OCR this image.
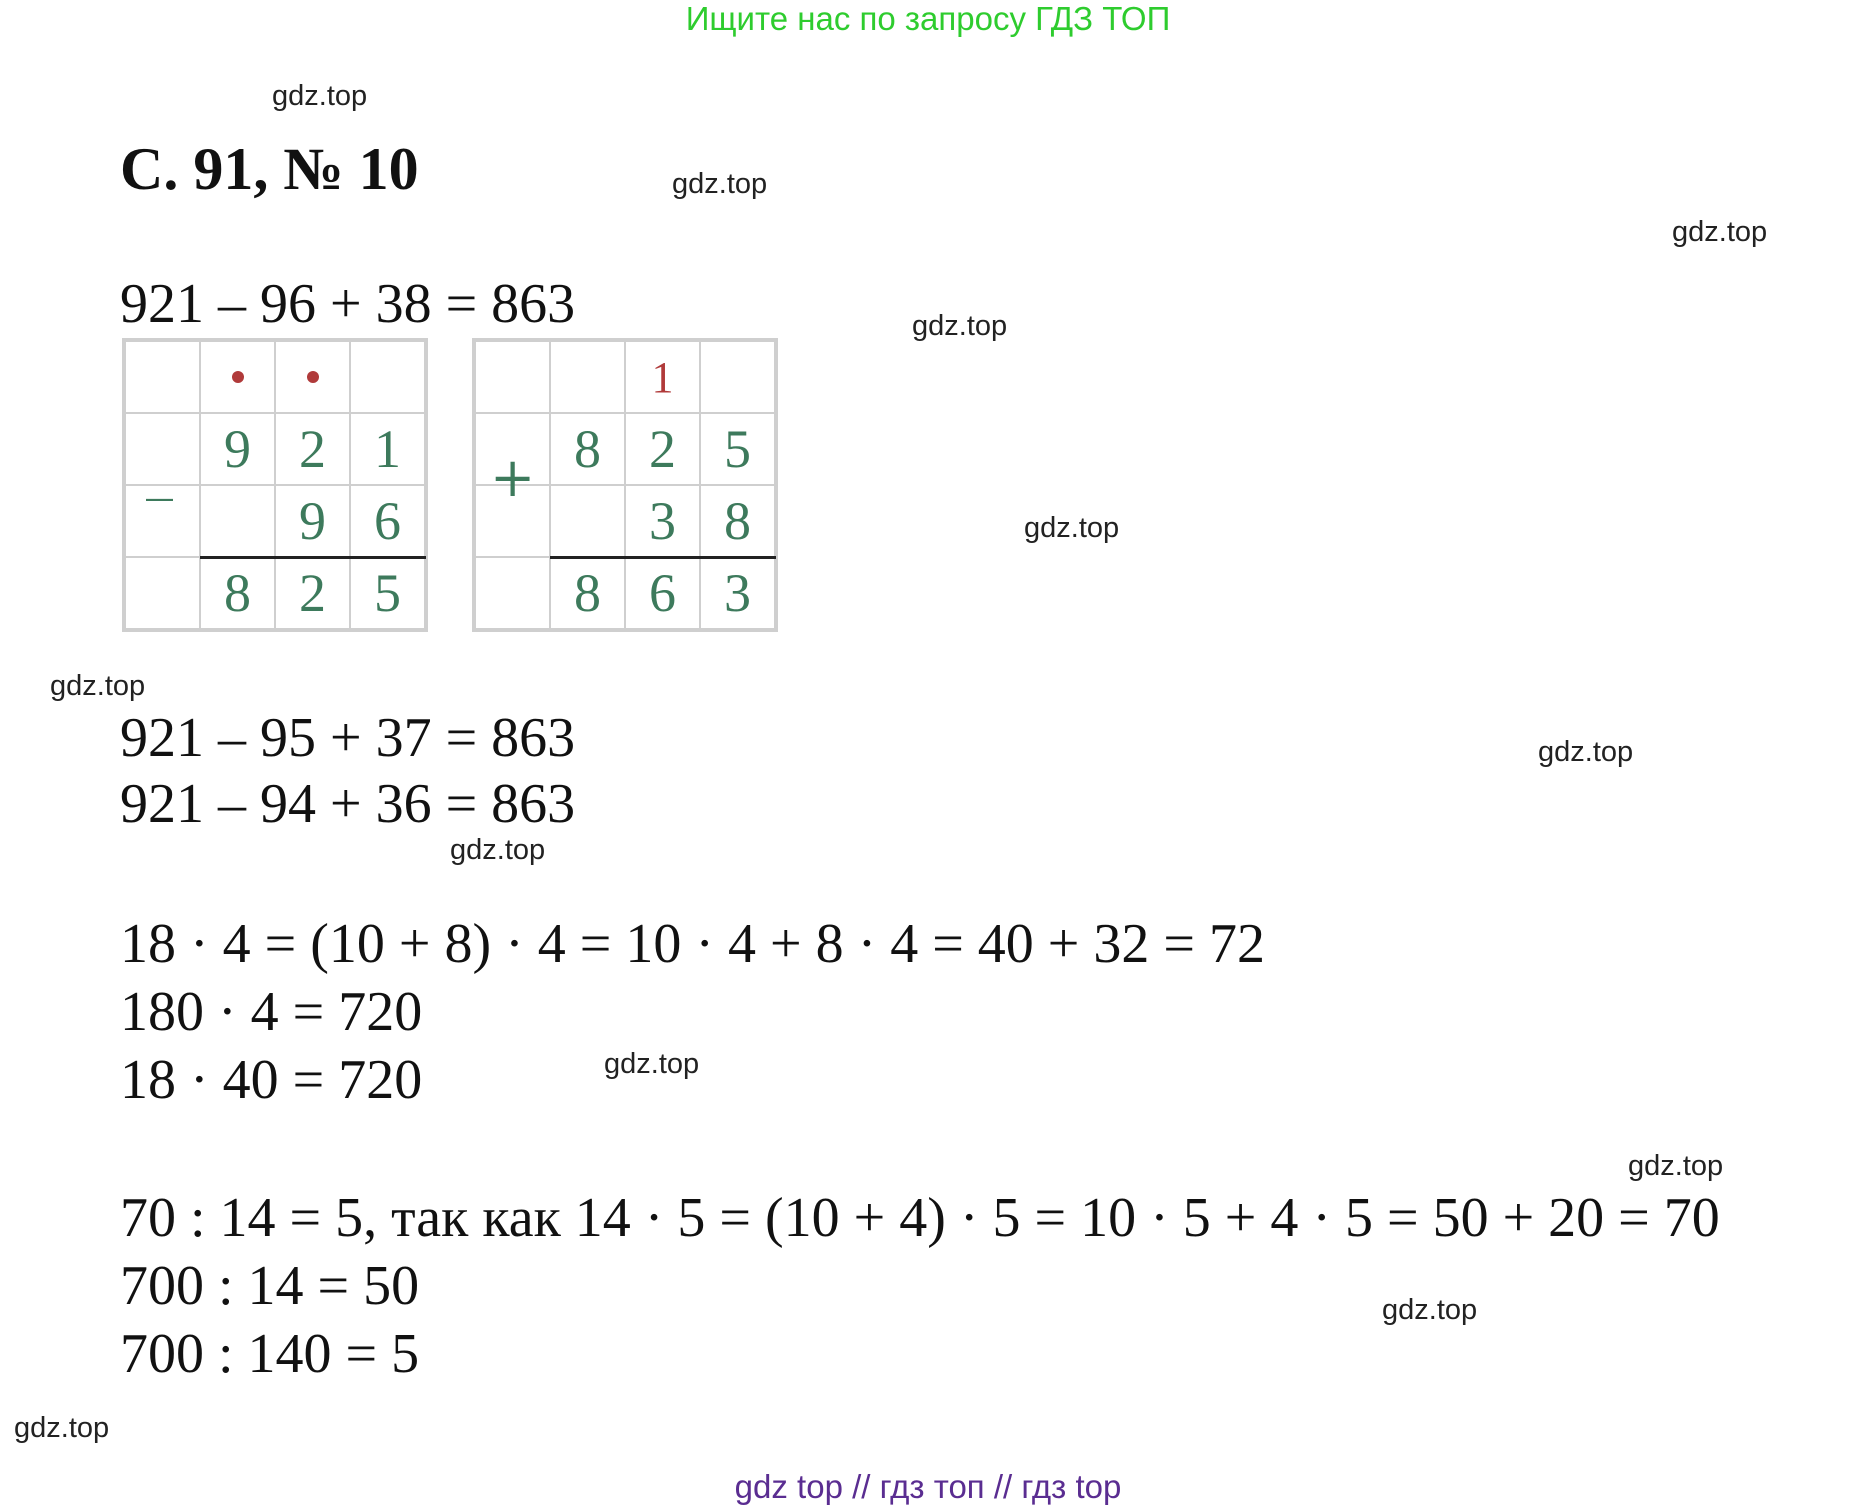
Ищите нас по запросу ГДЗ ТОП
gdz.top
gdz.top
gdz.top
gdz.top
gdz.top
gdz.top
gdz.top
gdz.top
gdz.top
gdz.top
gdz.top
gdz.top
С. 91, № 10
921 – 96 + 38 = 863
9 2 1
9 6
8 2 5
_
1
8 2 5
3 8
8 6 3
+
921 – 95 + 37 = 863
921 – 94 + 36 = 863
18 · 4 = (10 + 8) · 4 = 10 · 4 + 8 · 4 = 40 + 32 = 72
180 · 4 = 720
18 · 40 = 720
70 : 14 = 5, так как 14 · 5 = (10 + 4) · 5 = 10 · 5 + 4 · 5 = 50 + 20 = 70
700 : 14 = 50
700 : 140 = 5
gdz top // гдз топ // гдз top
